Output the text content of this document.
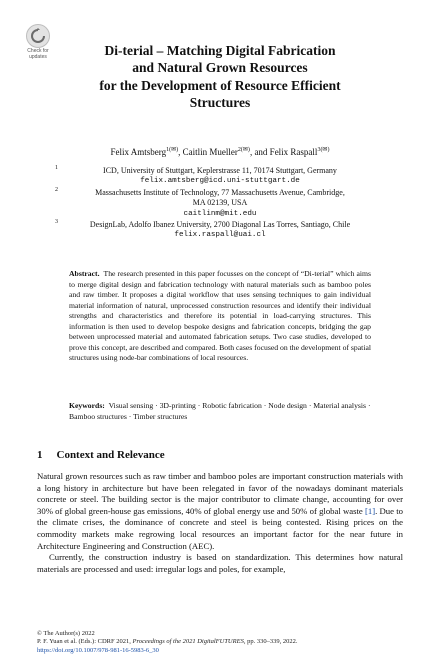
Check for
updates	Di-terial – Matching Digital Fabrication
and Natural Grown Resources
for the Development of Resource Efficient
Structures
Felix Amtsberg$^{1(✉)}$, Caitlin Mueller$^{2(✉)}$, and Felix Raspall$^{3(✉)}$
1	ICD, University of Stuttgart, Keplerstrasse 11, 70174 Stuttgart, Germany
felix.amtsberg@icd.uni-stuttgart.de
2	Massachusetts Institute of Technology, 77 Massachusetts Avenue, Cambridge,
MA 02139, USA
caitlinm@mit.edu
3	DesignLab, Adolfo Ibanez University, 2700 Diagonal Las Torres, Santiago, Chile
felix.raspall@uai.cl
Abstract. The research presented in this paper focusses on the concept of “Di-terial” which aims to merge digital design and fabrication technology with natural materials such as bamboo poles and raw timber. It proposes a digital workflow that uses sensing techniques to gain individual material information of natural, unprocessed construction resources and identify their individual strengths and characteristics and therefore its potential in load-carrying structures. This information is then used to develop bespoke designs and fabrication concepts, bridging the gap between unprocessed material and automated fabrication setups. Two case studies, developed to prove this concept, are described and compared. Both cases focused on the development of spatial structures using node-bar combinations of local resources.
Keywords: Visual sensing · 3D-printing · Robotic fabrication · Node design · Material analysis · Bamboo structures · Timber structures
1 Context and Relevance

Natural grown resources such as raw timber and bamboo poles are important construction materials with a long history in architecture but have been relegated in favor of the nowadays dominant materials concrete or steel. The building sector is the major contributor to climate change, accounting for over 30% of global green-house gas emissions, 40% of global energy use and 50% of global waste [1]. Due to the climate crises, the dominance of concrete and steel is being contested. Rising prices on the commodity markets make regrowing local resources an important factor for the near future in Architecture Engineering and Construction (AEC).

Currently, the construction industry is based on standardization. This determines how natural materials are processed and used: irregular logs and poles, for example,

© The Author(s) 2022
P. F. Yuan et al. (Eds.): CDRF 2021, Proceedings of the 2021 DigitalFUTURES, pp. 330–339, 2022.
https://doi.org/10.1007/978-981-16-5983-6_30
